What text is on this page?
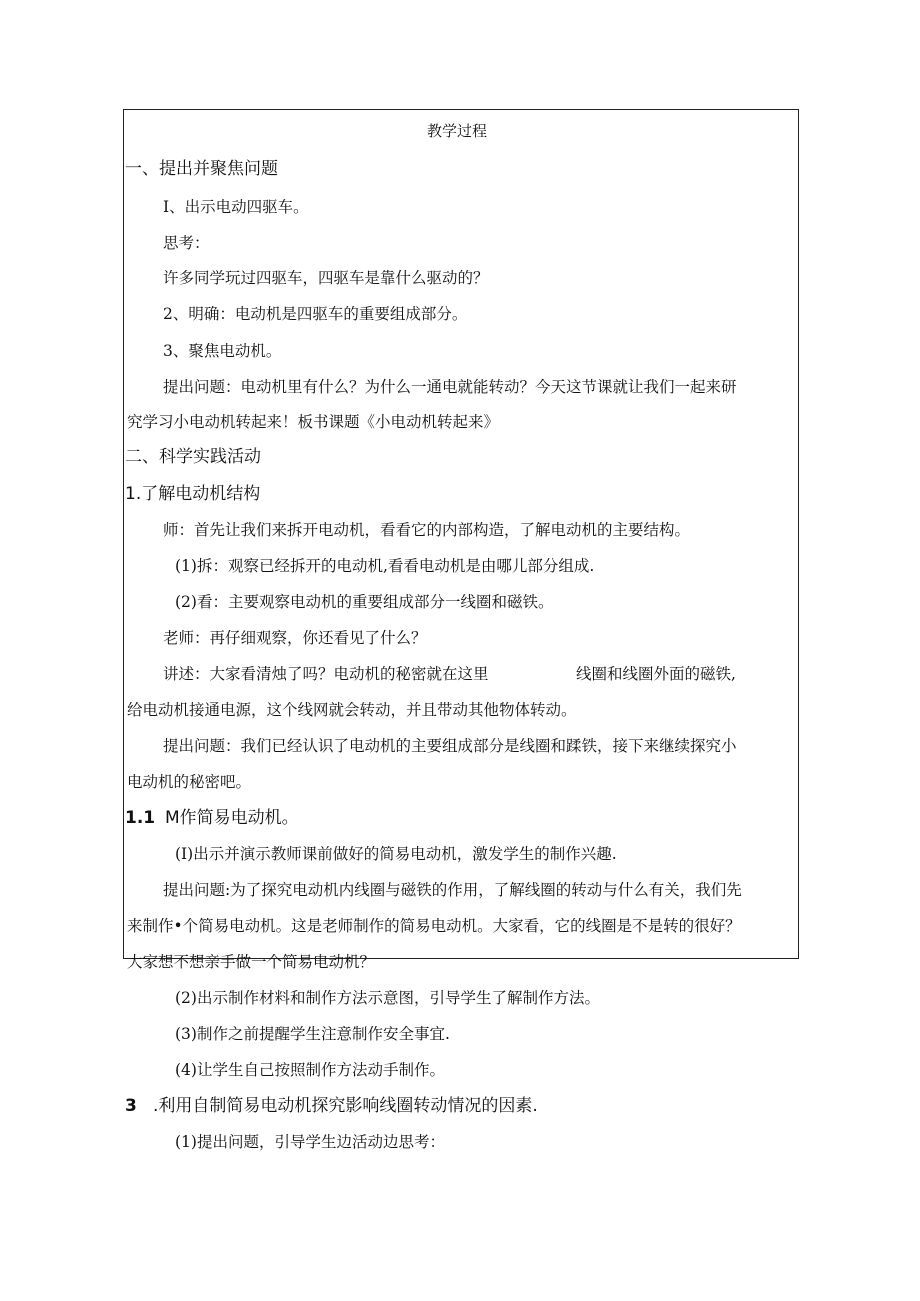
教学过程
一、提出并聚焦问题
I、出示电动四驱车。
思考：
许多同学玩过四驱车，四驱车是靠什么驱动的？
2、明确：电动机是四驱车的重要组成部分。
3、聚焦电动机。
提出问题：电动机里有什么？为什么一通电就能转动？今天这节课就让我们一起来研
究学习小电动机转起来！板书课题《小电动机转起来》
二、科学实践活动
1.了解电动机结构
师：首先让我们来拆开电动机，看看它的内部构造，了解电动机的主要结构。
(1)拆：观察已经拆开的电动机,看看电动机是由哪儿部分组成.
(2)看：主要观察电动机的重要组成部分一线圈和磁铁。
老师：再仔细观察，你还看见了什么？
讲述：大家看清烛了吗？电动机的秘密就在这里	线圈和线圈外面的磁铁,
给电动机接通电源，这个线网就会转动，并且带动其他物体转动。
提出问题：我们已经认识了电动机的主要组成部分是线圈和蹂铁，接下来继续探究小
电动机的秘密吧。
1.1 M作简易电动机。
(I)出示并演示教师课前做好的简易电动机，激发学生的制作兴趣.
提出问题:为了探究电动机内线圈与磁铁的作用，了解线圈的转动与什么有关，我们先
来制作•个简易电动机。这是老师制作的简易电动机。大家看，它的线圈是不是转的很好？
大家想不想亲手做一个简易电动机？
(2)出示制作材料和制作方法示意图，引导学生了解制作方法。
(3)制作之前提醒学生注意制作安全事宜.
(4)让学生自己按照制作方法动手制作。
3 .利用自制简易电动机探究影响线圈转动情况的因素.
(1)提出问题，引导学生边活动边思考：
